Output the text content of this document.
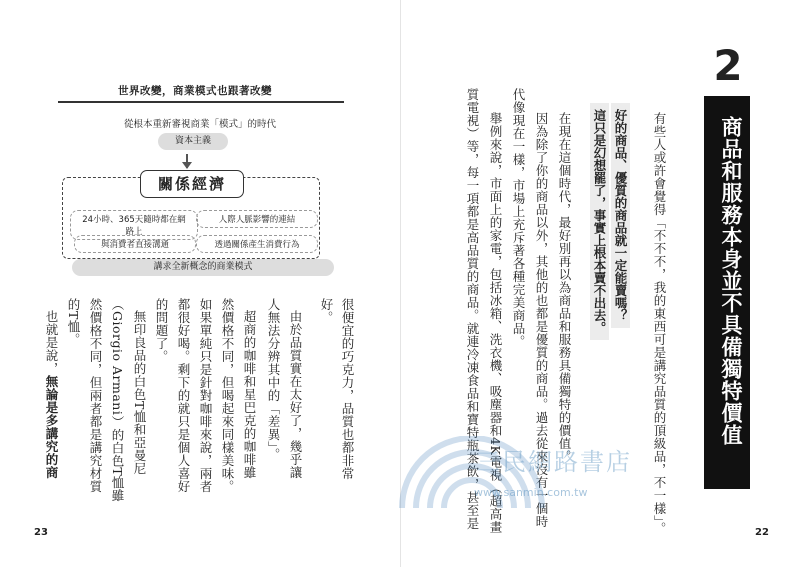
2
商品和服務本身並不具備獨特價值
有些人或許會覺得「不不不，我的東西可是講究品質的頂級品，不一樣」。
好的商品、優質的商品就一定能賣嗎？
這只是幻想罷了，事實上根本賣不出去。
在現在這個時代，最好別再以為商品和服務具備獨特的價值。
因為除了你的商品以外，其他的也都是優質的商品。過去從來沒有一個時
代像現在一樣，市場上充斥著各種完美商品。
舉例來說，市面上的家電，包括冰箱、洗衣機、吸塵器和4K電視（超高畫
質電視）等，每一項都是高品質的商品。就連冷凍食品和寶特瓶茶飲，甚至是
22
很便宜的巧克力，品質也都非常
好。
由於品質實在太好了，幾乎讓
人無法分辨其中的「差異」。
超商的咖啡和星巴克的咖啡雖
然價格不同，但喝起來同樣美味。
如果單純只是針對咖啡來說，兩者
都很好喝。剩下的就只是個人喜好
的問題了。
無印良品的白色T恤和亞曼尼
（Giorgio Armani）的白色T恤雖
然價格不同，但兩者都是講究材質
的T恤。
也就是說，無論是多講究的商
23
世界改變，商業模式也跟著改變
從根本重新審視商業「模式」的時代
資本主義
關係經濟
24小時、365天隨時都在網路上
人際人脈影響的連結
與消費者直接溝通	透過關係產生消費行為
講求全新概念的商業模式
三民網路書店
www.sanmin.com.tw
